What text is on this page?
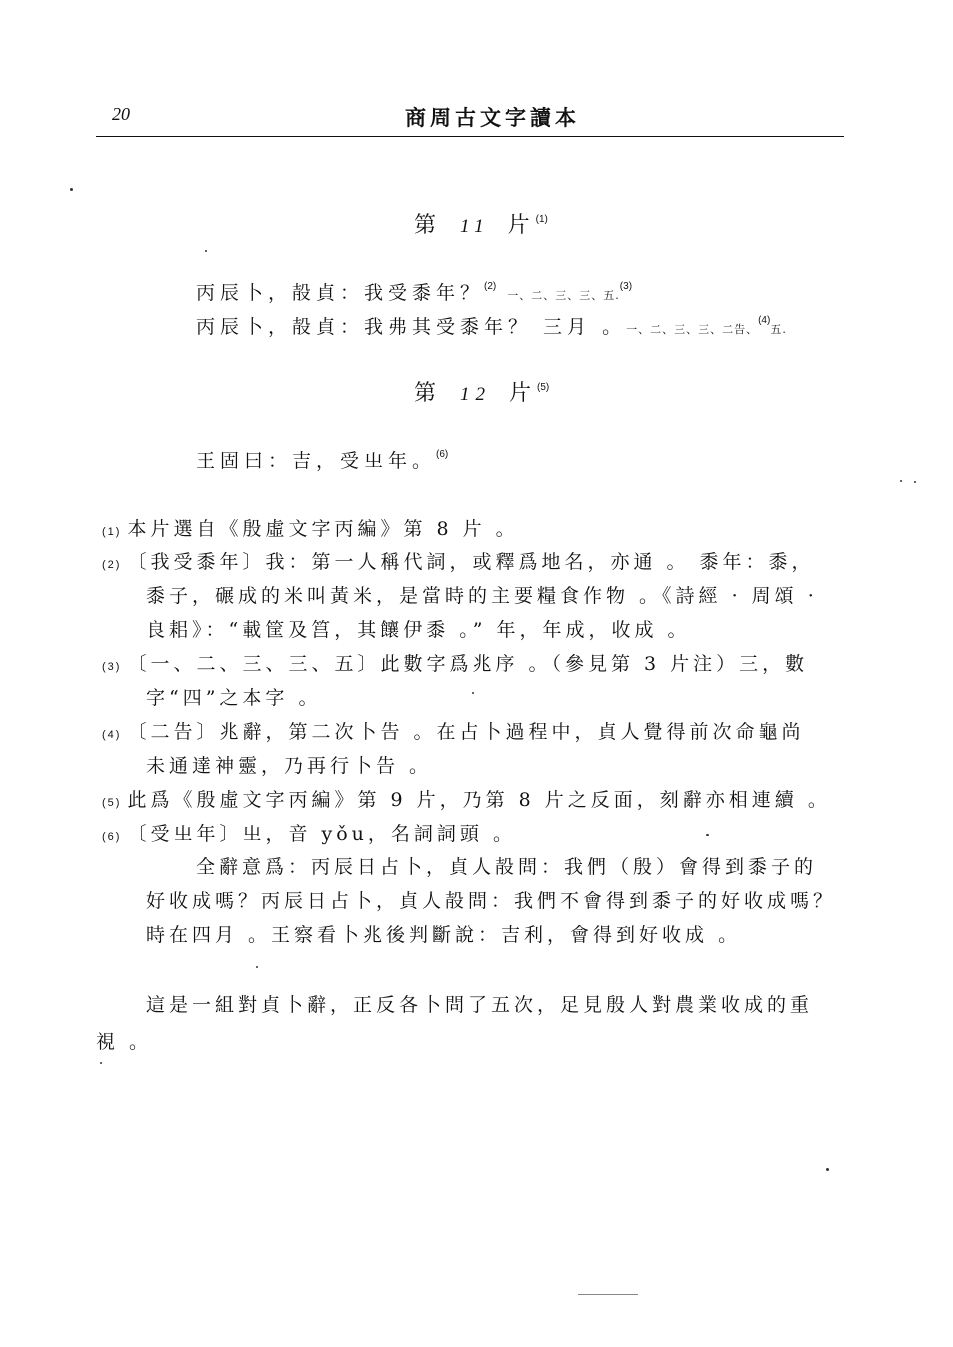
20	商周古文字讀本
第 11 片$^{(1)}$
丙辰卜，㱿貞：我受黍年？$^{(2)}$ 一、二、三、三、五.$^{(3)}$
丙辰卜，㱿貞：我弗其受黍年？ 三月 。一、二、三、三、二告、$^{(4)}$五.
第 12 片$^{(5)}$
王固曰：吉，受㞢年。$^{(6)}$
(1) 本片選自《殷虛文字丙編》第 8 片 。
(2) 〔我受黍年〕我：第一人稱代詞，或釋爲地名，亦通 。 黍年：黍，
黍子，碾成的米叫黃米，是當時的主要糧食作物 。《詩經 · 周頌 ·
良耜》：“載筐及筥，其饟伊黍 。” 年，年成，收成 。
(3) 〔一、二、三、三、五〕此數字爲兆序 。（參見第 3 片注）三，數
字“四”之本字 。
(4) 〔二告〕兆辭，第二次卜告 。在占卜過程中，貞人覺得前次命龜尚
未通達神靈，乃再行卜告 。
(5) 此爲《殷虛文字丙編》第 9 片，乃第 8 片之反面，刻辭亦相連續 。
(6) 〔受㞢年〕㞢，音 yǒu，名詞詞頭 。
全辭意爲：丙辰日占卜，貞人㱿問：我們（殷）會得到黍子的
好收成嗎？丙辰日占卜，貞人㱿問：我們不會得到黍子的好收成嗎？
時在四月 。王察看卜兆後判斷說：吉利，會得到好收成 。
這是一組對貞卜辭，正反各卜問了五次，足見殷人對農業收成的重
視 。
